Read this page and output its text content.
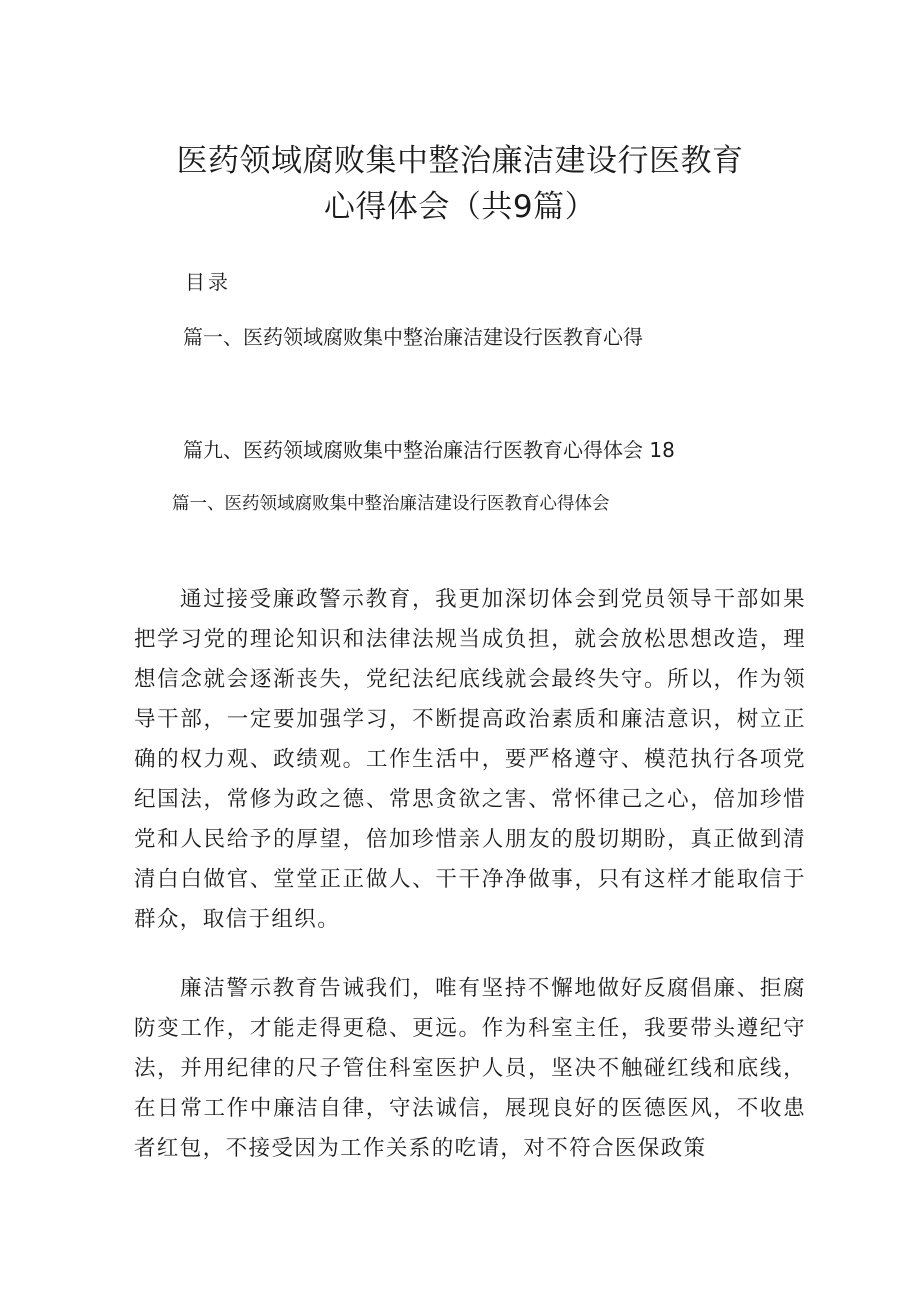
医药领域腐败集中整治廉洁建设行医教育
心得体会（共9篇）
目录
篇一、医药领域腐败集中整治廉洁建设行医教育心得
篇九、医药领域腐败集中整治廉洁行医教育心得体会 18
篇一、医药领域腐败集中整治廉洁建设行医教育心得体会

通过接受廉政警示教育，我更加深切体会到党员领导干部如果把学习党的理论知识和法律法规当成负担，就会放松思想改造，理想信念就会逐渐丧失，党纪法纪底线就会最终失守。所以，作为领导干部，一定要加强学习，不断提高政治素质和廉洁意识，树立正确的权力观、政绩观。工作生活中，要严格遵守、模范执行各项党纪国法，常修为政之德、常思贪欲之害、常怀律己之心，倍加珍惜党和人民给予的厚望，倍加珍惜亲人朋友的殷切期盼，真正做到清清白白做官、堂堂正正做人、干干净净做事，只有这样才能取信于群众，取信于组织。

廉洁警示教育告诫我们，唯有坚持不懈地做好反腐倡廉、拒腐防变工作，才能走得更稳、更远。作为科室主任，我要带头遵纪守法，并用纪律的尺子管住科室医护人员，坚决不触碰红线和底线，在日常工作中廉洁自律，守法诚信，展现良好的医德医风，不收患者红包，不接受因为工作关系的吃请，对不符合医保政策
